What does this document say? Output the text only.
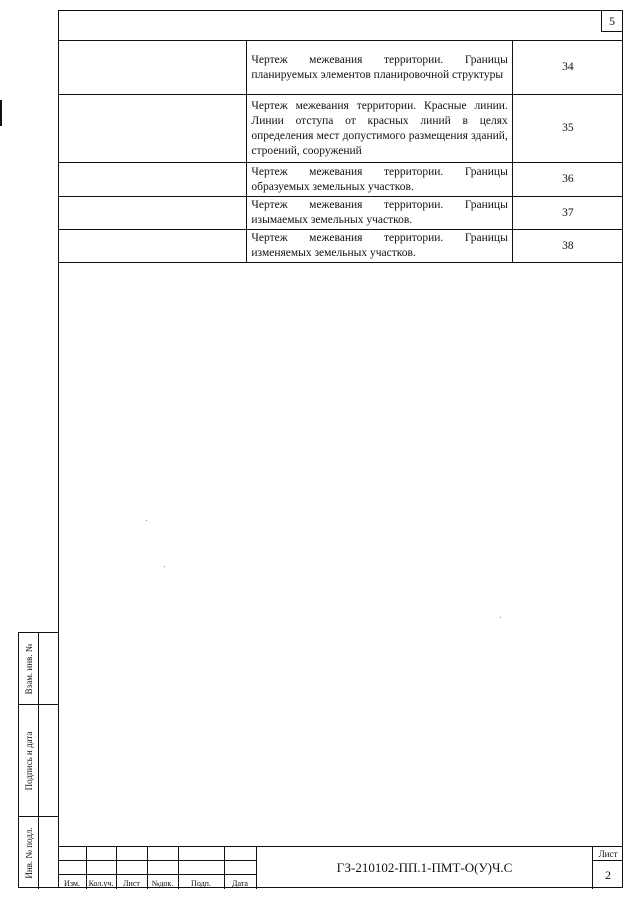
5
	Чертеж межевания территории. Границы планируемых элементов планировочной структуры	34
	Чертеж межевания территории. Красные линии. Линии отступа от красных линий в целях определения мест допустимого размещения зданий, строений, сооружений	35
	Чертеж межевания территории. Границы образуемых земельных участков.	36
	Чертеж межевания территории. Границы изымаемых земельных участков.	37
	Чертеж межевания территории. Границы изменяемых земельных участков.	38
Взам. инв. №
Подпись и дата
Инв. № подл.
Изм.	Кол.уч.	Лист	№док.	Подп.	Дата
ГЗ-210102-ПП.1-ПМТ-О(У)Ч.С
Лист
2
